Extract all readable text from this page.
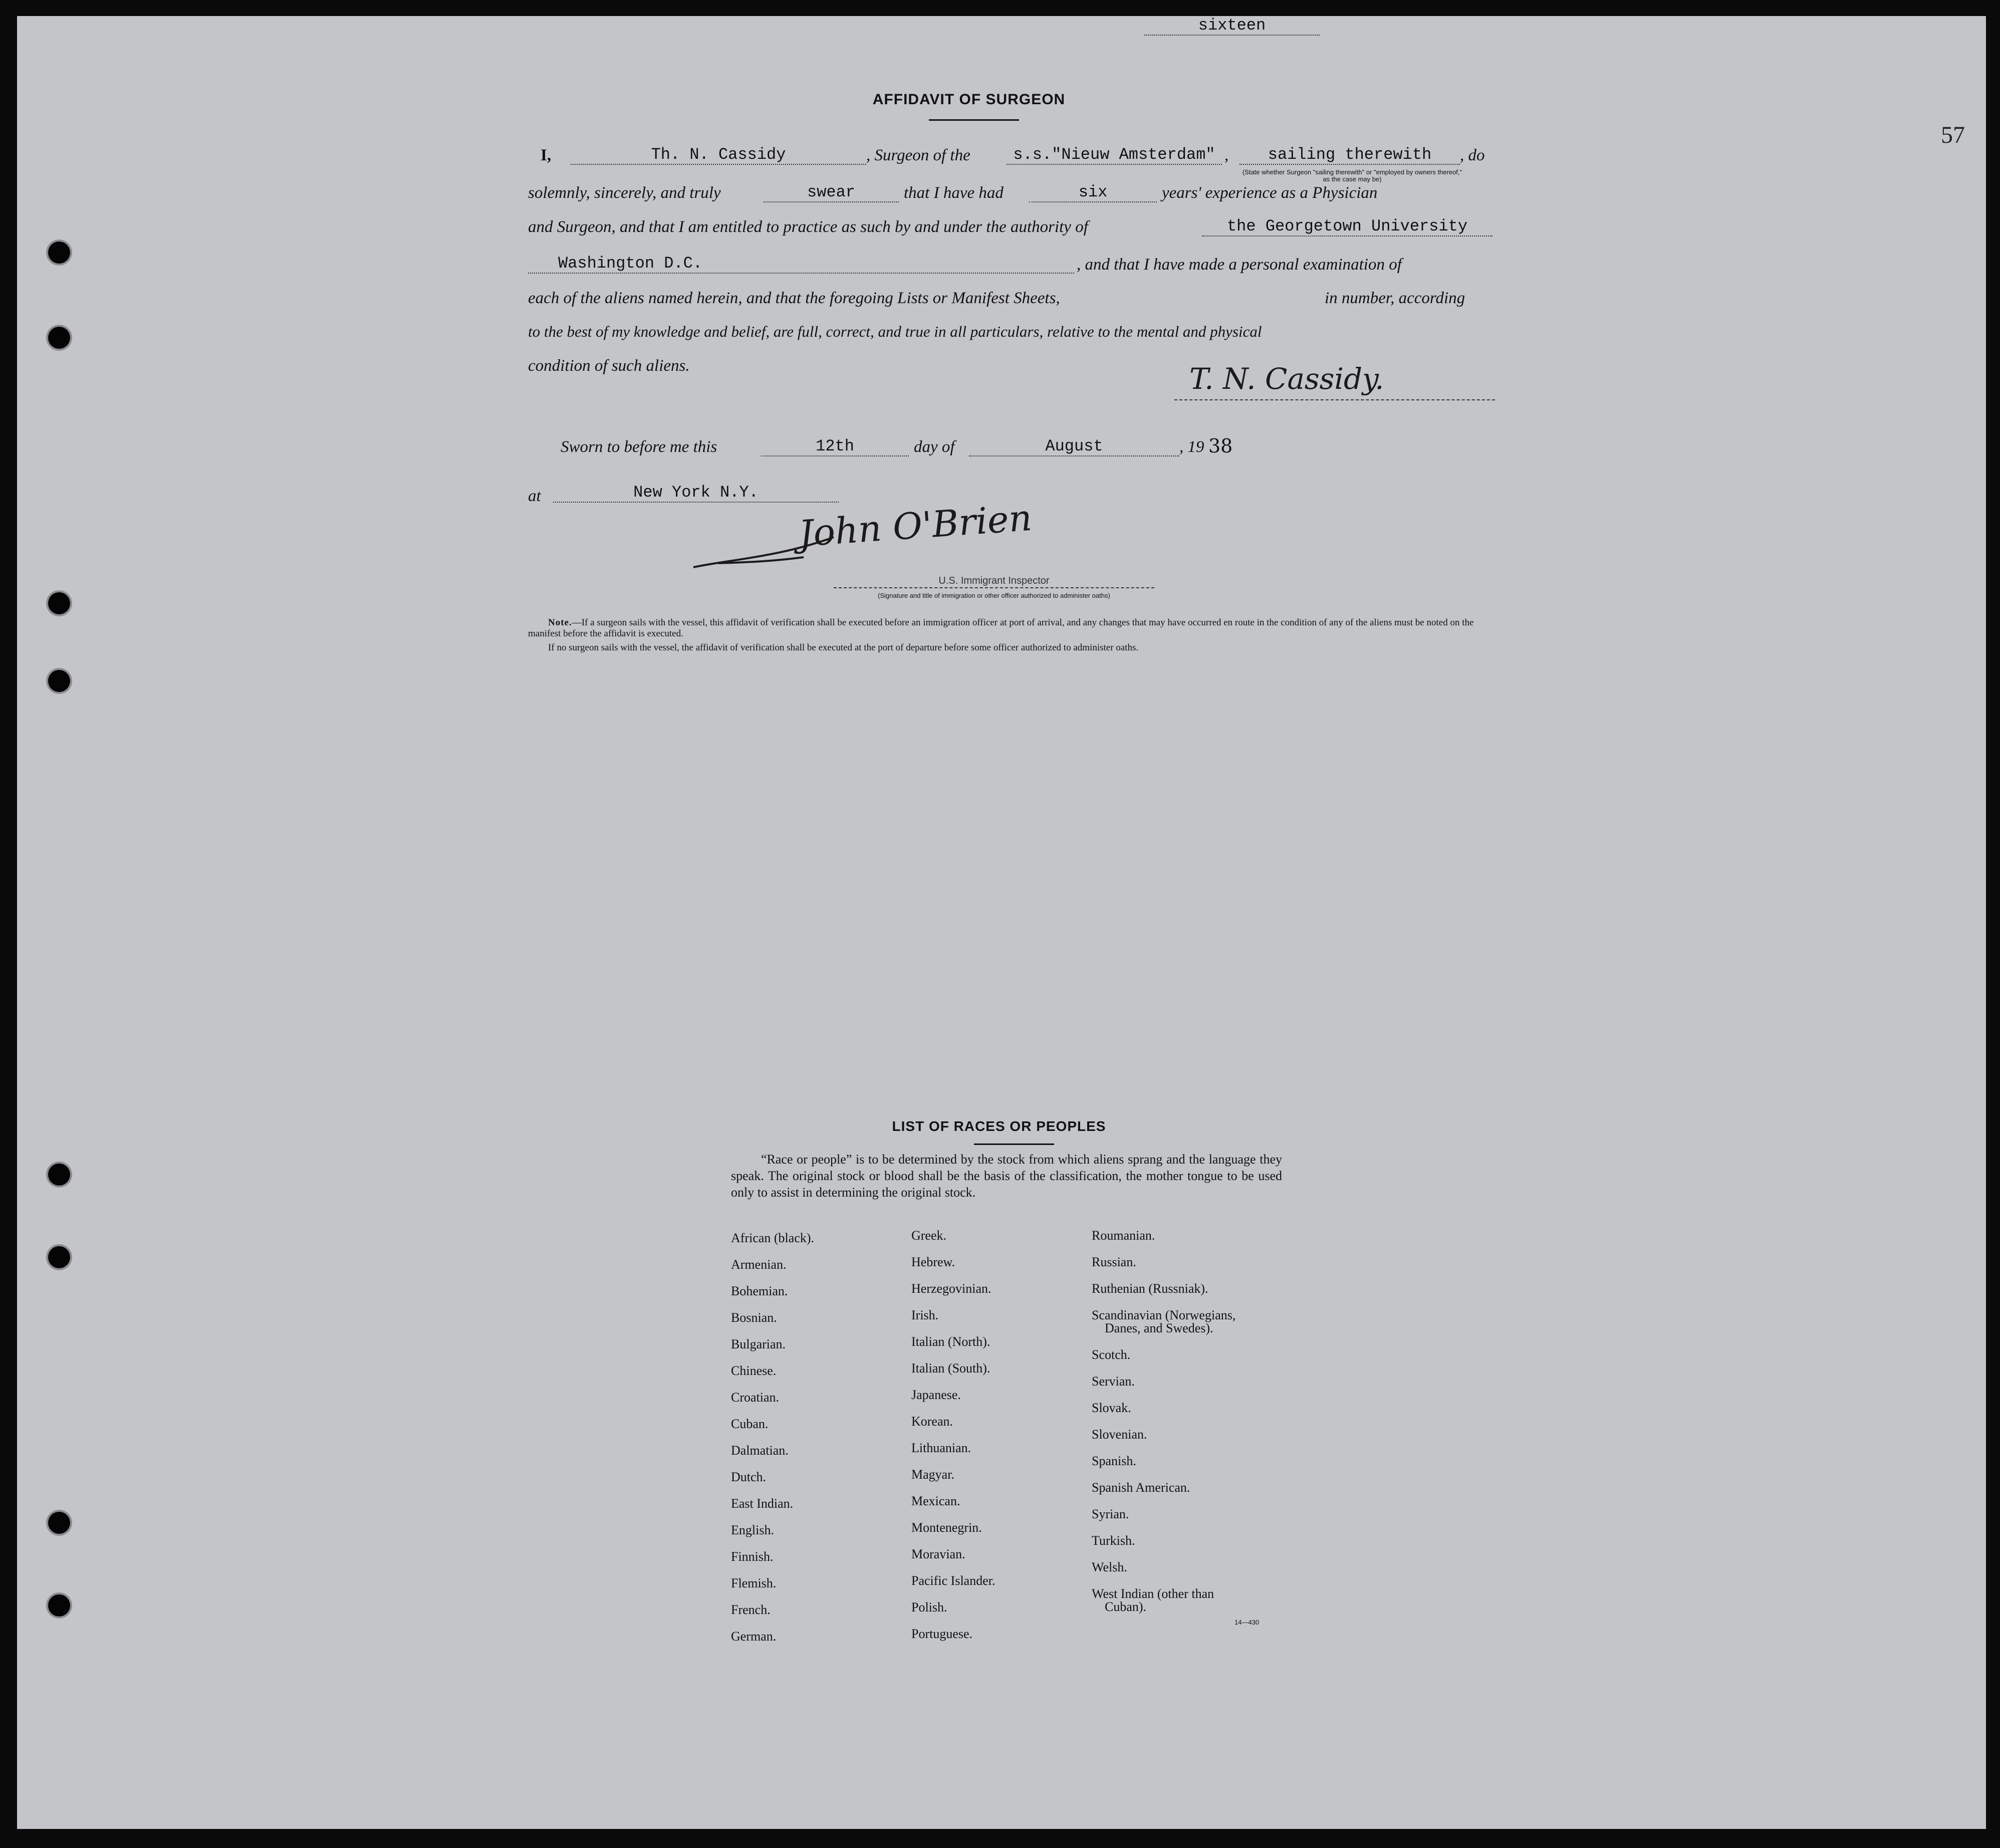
57
AFFIDAVIT OF SURGEON
I,	Th. N. Cassidy	, Surgeon of the	s.s."Nieuw Amsterdam" ,	sailing therewith	, do
(State whether Surgeon "sailing therewith" or "employed by owners thereof," as the case may be)
solemnly, sincerely, and truly	swear	that I have had	six	years' experience as a Physician
and Surgeon, and that I am entitled to practice as such by and under the authority of	the Georgetown University
Washington D.C.	, and that I have made a personal examination of
each of the aliens named herein, and that the foregoing Lists or Manifest Sheets,
sixteen
in number, according
to the best of my knowledge and belief, are full, correct, and true in all particulars, relative to the mental and physical
condition of such aliens.	T. N. Cassidy.
Sworn to before me this	12th	day of	August	, 19 38
at	New York N.Y.
John O'Brien
U.S. Immigrant Inspector
(Signature and title of immigration or other officer authorized to administer oaths)
Note.—If a surgeon sails with the vessel, this affidavit of verification shall be executed before an immigration officer at port of arrival, and any changes that may have occurred en route in the condition of any of the aliens must be noted on the manifest before the affidavit is executed.
If no surgeon sails with the vessel, the affidavit of verification shall be executed at the port of departure before some officer authorized to administer oaths.
LIST OF RACES OR PEOPLES
“Race or people” is to be determined by the stock from which aliens sprang and the language they speak. The original stock or blood shall be the basis of the classification, the mother tongue to be used only to assist in determining the original stock.
African (black).
Armenian.
Bohemian.
Bosnian.
Bulgarian.
Chinese.
Croatian.
Cuban.
Dalmatian.
Dutch.
East Indian.
English.
Finnish.
Flemish.
French.
German.
Greek.
Hebrew.
Herzegovinian.
Irish.
Italian (North).
Italian (South).
Japanese.
Korean.
Lithuanian.
Magyar.
Mexican.
Montenegrin.
Moravian.
Pacific Islander.
Polish.
Portuguese.
Roumanian.
Russian.
Ruthenian (Russniak).
Scandinavian (Norwegians,
Danes, and Swedes).
Scotch.
Servian.
Slovak.
Slovenian.
Spanish.
Spanish American.
Syrian.
Turkish.
Welsh.
West Indian (other than
Cuban).
14—430
